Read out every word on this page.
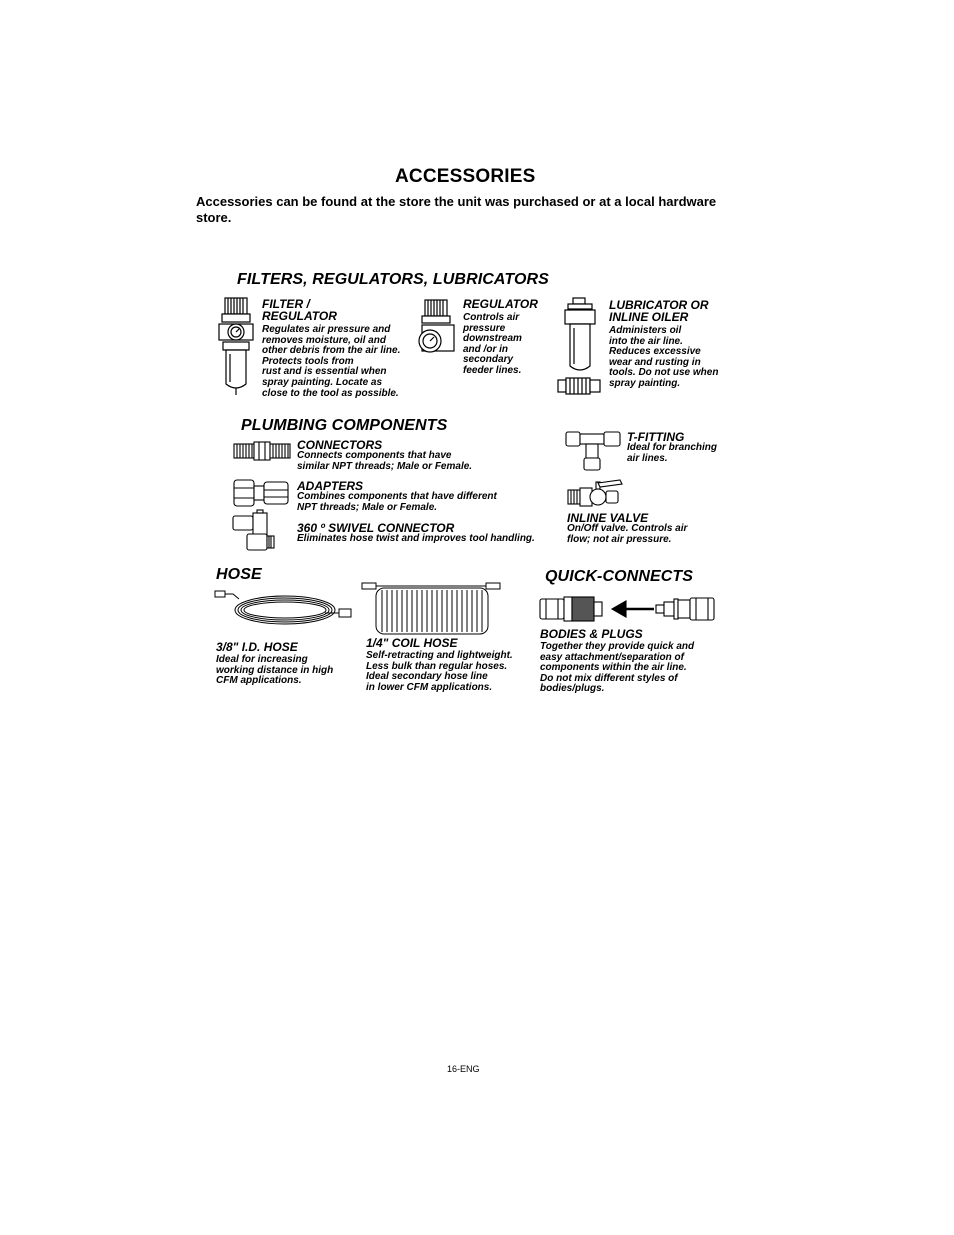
ACCESSORIES
Accessories can be found at the store the unit was purchased or at a local hardware store.
FILTERS, REGULATORS, LUBRICATORS
FILTER /
REGULATOR
Regulates air pressure and
removes moisture, oil and
other debris from the air line.
Protects tools from
rust and is essential when
spray painting. Locate as
close to the tool as possible.
REGULATOR
Controls air
pressure
downstream
and /or in
secondary
feeder lines.
LUBRICATOR OR
INLINE OILER
Administers oil
into the air line.
Reduces excessive
wear and rusting in
tools. Do not use when
spray painting.
PLUMBING COMPONENTS
CONNECTORS
Connects components that have
similar NPT threads; Male or Female.
ADAPTERS
Combines components that have different
NPT threads; Male or Female.
360 º SWIVEL CONNECTOR
Eliminates hose twist and improves tool handling.
T-FITTING
Ideal for branching
air lines.
INLINE VALVE
On/Off valve. Controls air
flow; not air pressure.
HOSE
3/8" I.D. HOSE
Ideal for increasing
working distance in high
CFM applications.
1/4" COIL HOSE
Self-retracting and lightweight.
Less bulk than regular hoses.
Ideal secondary hose line
in lower CFM applications.
QUICK-CONNECTS
BODIES & PLUGS
Together they provide quick and
easy attachment/separation of
components within the air line.
Do not mix different styles of
bodies/plugs.
16-ENG
